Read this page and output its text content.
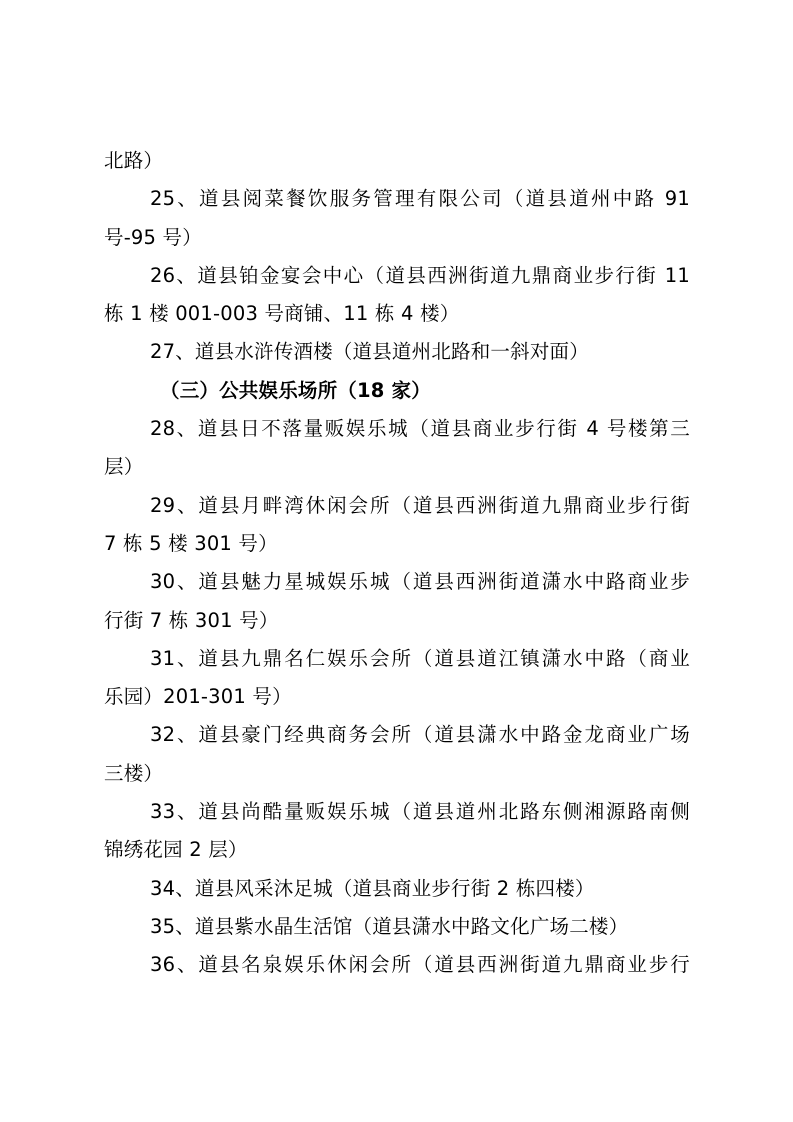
北路）
25、道县阅菜餐饮服务管理有限公司（道县道州中路 91
号-95 号）
26、道县铂金宴会中心（道县西洲街道九鼎商业步行街 11
栋 1 楼 001-003 号商铺、11 栋 4 楼）
27、道县水浒传酒楼（道县道州北路和一斜对面）
（三）公共娱乐场所（18 家）
28、道县日不落量贩娱乐城（道县商业步行街 4 号楼第三
层）
29、道县月畔湾休闲会所（道县西洲街道九鼎商业步行街
7 栋 5 楼 301 号）
30、道县魅力星城娱乐城（道县西洲街道潇水中路商业步
行街 7 栋 301 号）
31、道县九鼎名仁娱乐会所（道县道江镇潇水中路（商业
乐园）201-301 号）
32、道县豪门经典商务会所（道县潇水中路金龙商业广场
三楼）
33、道县尚酷量贩娱乐城（道县道州北路东侧湘源路南侧
锦绣花园 2 层）
34、道县风采沐足城（道县商业步行街 2 栋四楼）
35、道县紫水晶生活馆（道县潇水中路文化广场二楼）
36、道县名泉娱乐休闲会所（道县西洲街道九鼎商业步行
